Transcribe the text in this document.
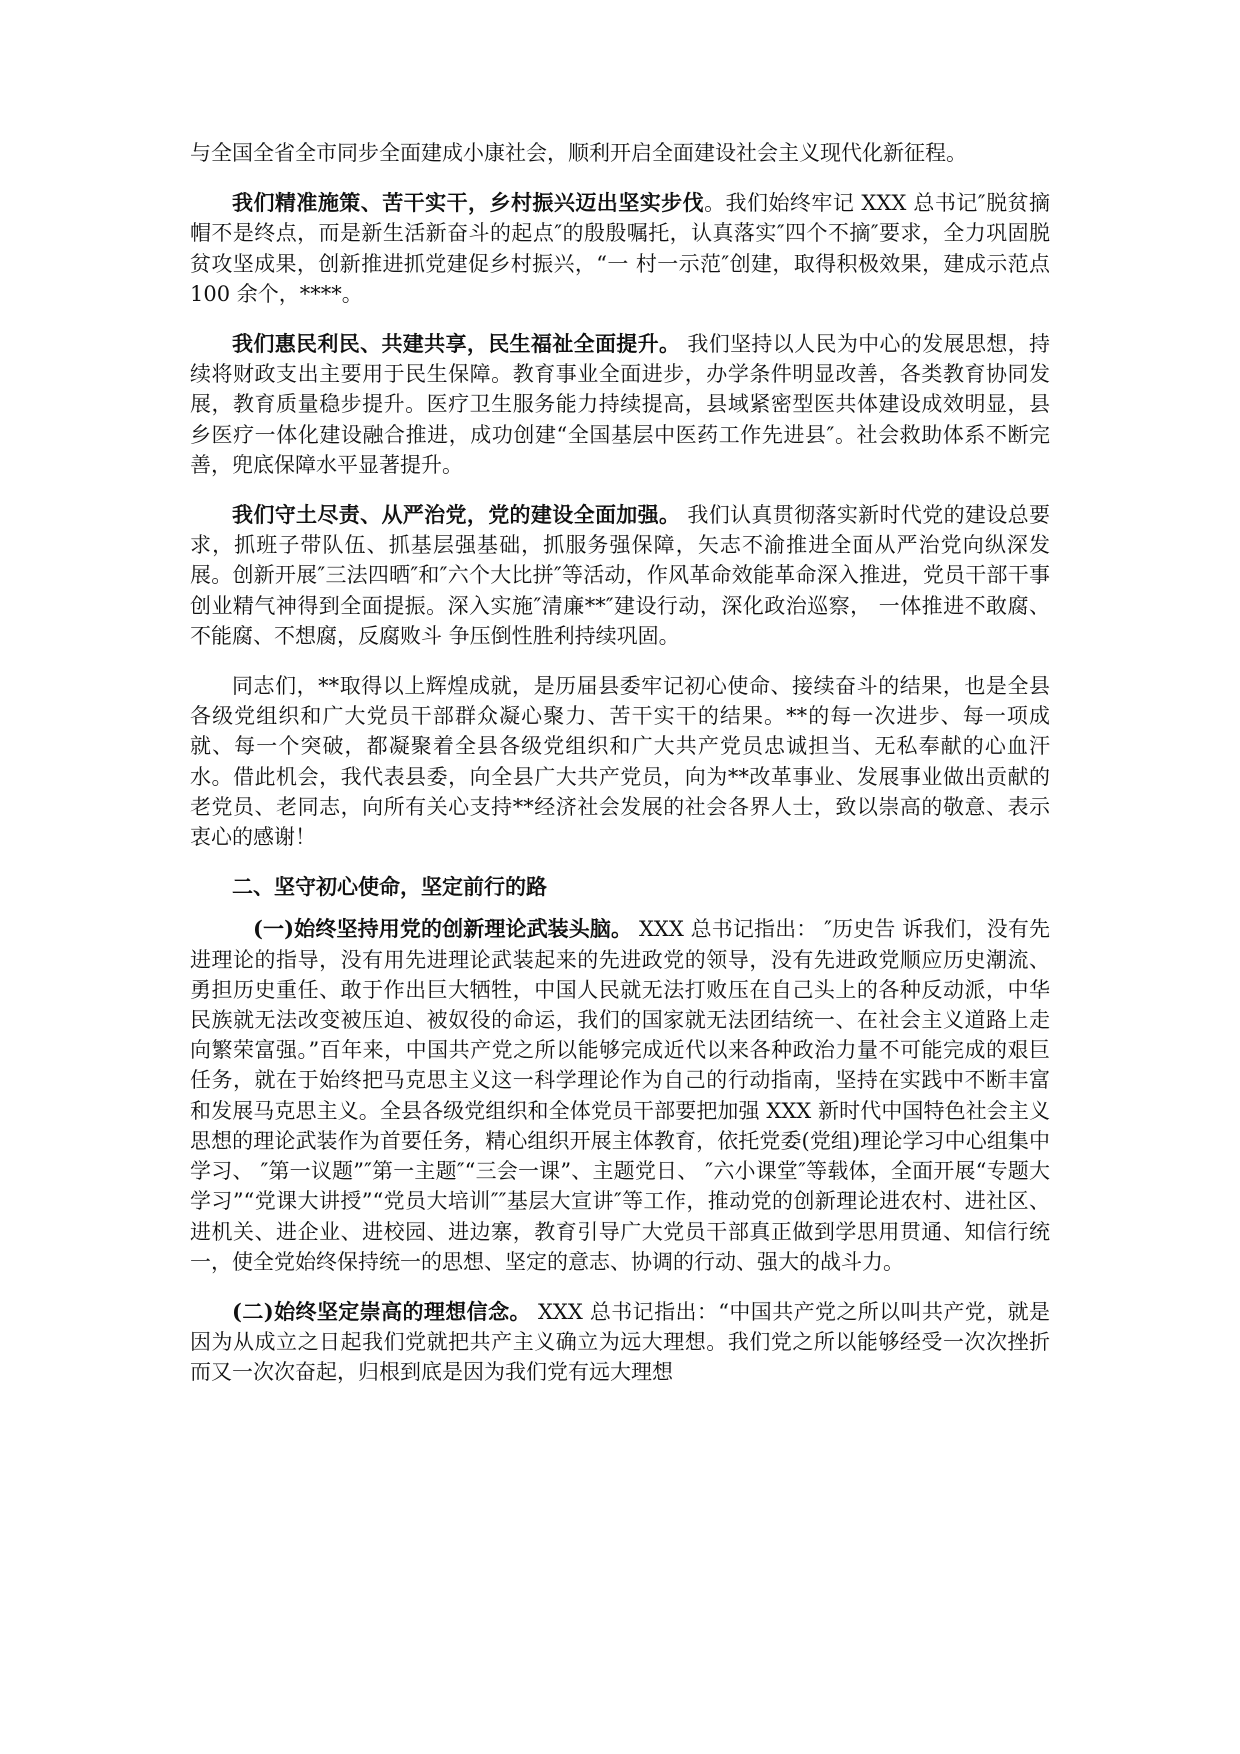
与全国全省全市同步全面建成小康社会，顺利开启全面建设社会主义现代化新征程。

我们精准施策、苦干实干，乡村振兴迈出坚实步伐。我们始终牢记 XXX 总书记″脱贫摘帽不是终点，而是新生活新奋斗的起点″的殷殷嘱托，认真落实″四个不摘″要求，全力巩固脱贫攻坚成果，创新推进抓党建促乡村振兴，“一 村一示范″创建，取得积极效果，建成示范点 100 余个，****。

我们惠民利民、共建共享，民生福祉全面提升。 我们坚持以人民为中心的发展思想，持续将财政支出主要用于民生保障。教育事业全面进步，办学条件明显改善，各类教育协同发展，教育质量稳步提升。医疗卫生服务能力持续提高，县域紧密型医共体建设成效明显，县乡医疗一体化建设融合推进，成功创建“全国基层中医药工作先进县″。社会救助体系不断完善，兜底保障水平显著提升。

我们守土尽责、从严治党，党的建设全面加强。 我们认真贯彻落实新时代党的建设总要求，抓班子带队伍、抓基层强基础，抓服务强保障，矢志不渝推进全面从严治党向纵深发展。创新开展″三法四晒″和″六个大比拼″等活动，作风革命效能革命深入推进，党员干部干事创业精气神得到全面提振。深入实施″清廉**″建设行动，深化政治巡察， 一体推进不敢腐、不能腐、不想腐，反腐败斗 争压倒性胜利持续巩固。

同志们，**取得以上辉煌成就，是历届县委牢记初心使命、接续奋斗的结果，也是全县各级党组织和广大党员干部群众凝心聚力、苦干实干的结果。**的每一次进步、每一项成就、每一个突破，都凝聚着全县各级党组织和广大共产党员忠诚担当、无私奉献的心血汗水。借此机会，我代表县委，向全县广大共产党员，向为**改革事业、发展事业做出贡献的老党员、老同志，向所有关心支持**经济社会发展的社会各界人士，致以崇高的敬意、表示衷心的感谢！

二、坚守初心使命，坚定前行的路

(一)始终坚持用党的创新理论武装头脑。 XXX 总书记指出： ″历史告 诉我们，没有先进理论的指导，没有用先进理论武装起来的先进政党的领导，没有先进政党顺应历史潮流、勇担历史重任、敢于作出巨大牺牲，中国人民就无法打败压在自己头上的各种反动派，中华民族就无法改变被压迫、被奴役的命运，我们的国家就无法团结统一、在社会主义道路上走向繁荣富强。”百年来，中国共产党之所以能够完成近代以来各种政治力量不可能完成的艰巨任务，就在于始终把马克思主义这一科学理论作为自己的行动指南，坚持在实践中不断丰富和发展马克思主义。全县各级党组织和全体党员干部要把加强 XXX 新时代中国特色社会主义思想的理论武装作为首要任务，精心组织开展主体教育，依托党委(党组)理论学习中心组集中学习、 ″第一议题”″第一主题″“三会一课”、主题党日、 ″六小课堂″等载体，全面开展“专题大学习”“党课大讲授”“党员大培训″″基层大宣讲″等工作，推动党的创新理论进农村、进社区、进机关、进企业、进校园、进边寨，教育引导广大党员干部真正做到学思用贯通、知信行统一，使全党始终保持统一的思想、坚定的意志、协调的行动、强大的战斗力。

(二)始终坚定崇高的理想信念。 XXX 总书记指出：“中国共产党之所以叫共产党，就是因为从成立之日起我们党就把共产主义确立为远大理想。我们党之所以能够经受一次次挫折而又一次次奋起，归根到底是因为我们党有远大理想
